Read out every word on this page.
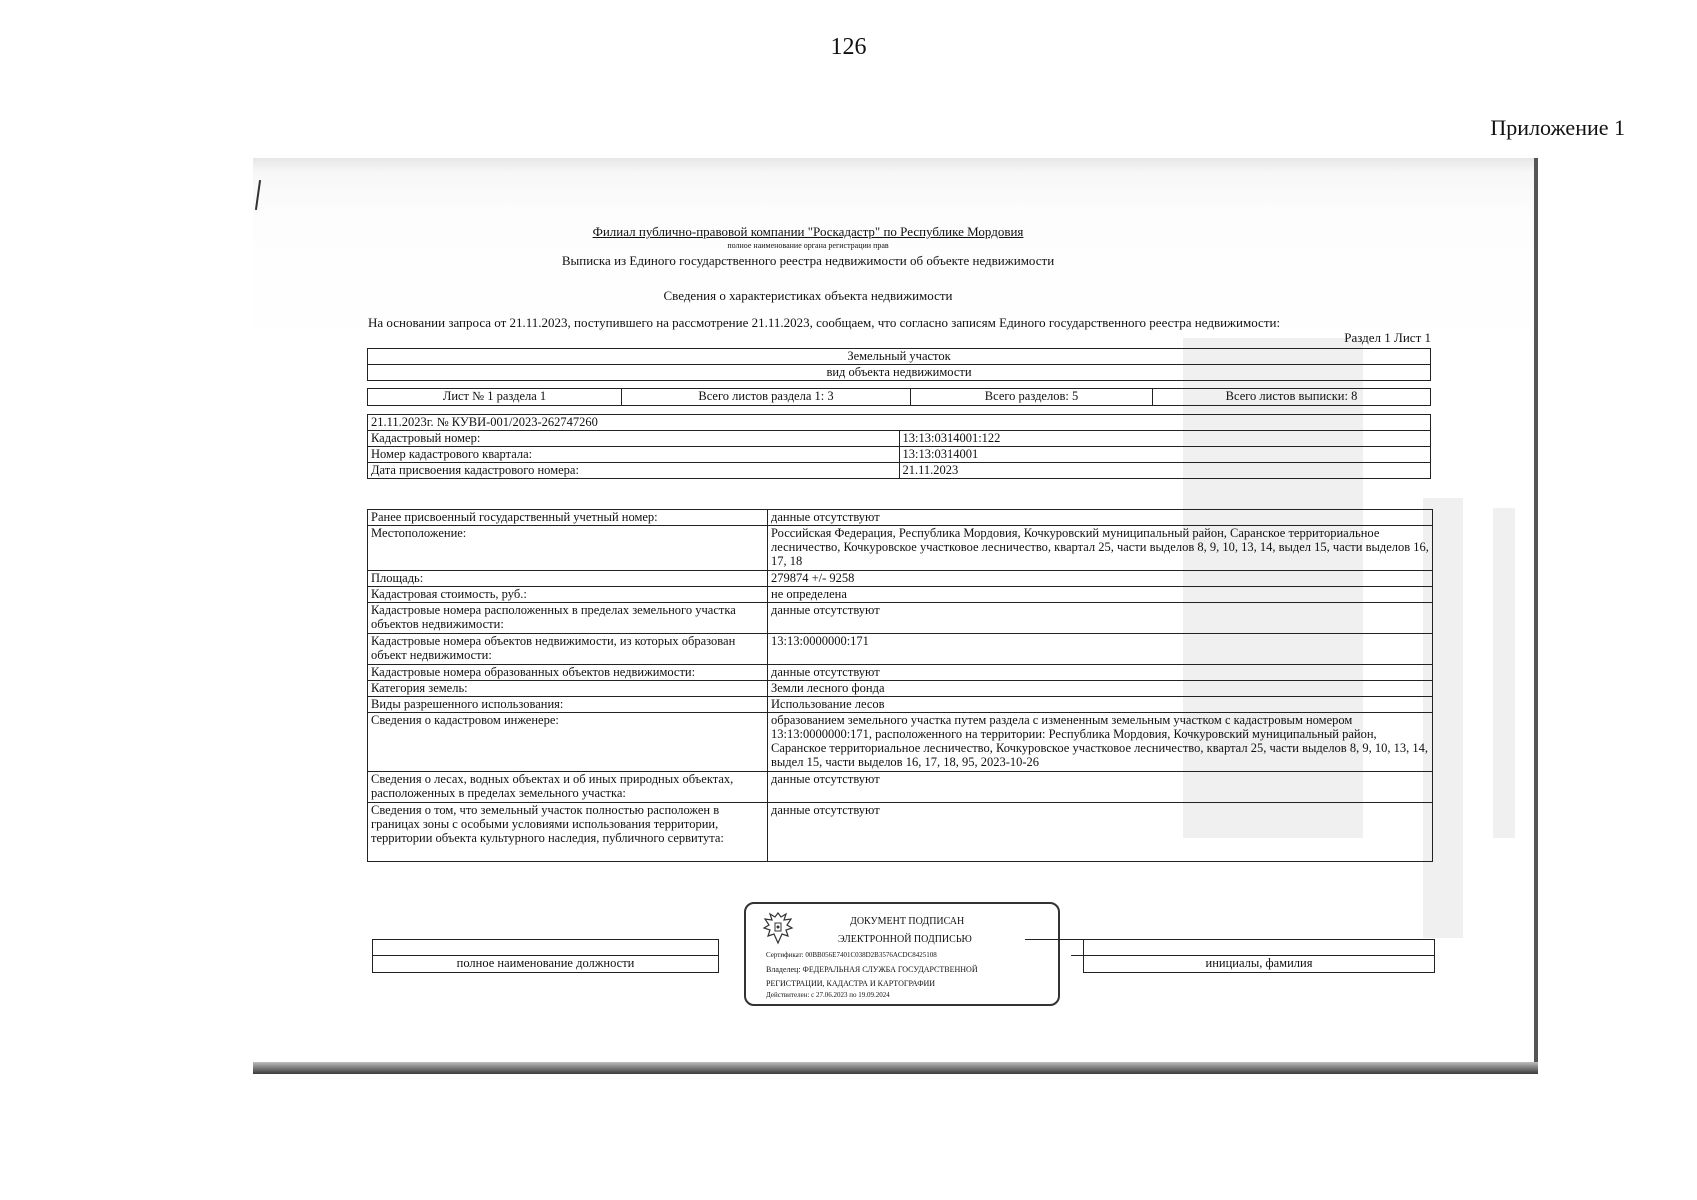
126
Приложение 1
Филиал публично-правовой компании "Роскадастр" по Республике Мордовия
полное наименование органа регистрации прав
Выписка из Единого государственного реестра недвижимости об объекте недвижимости
Сведения о характеристиках объекта недвижимости
На основании запроса от 21.11.2023, поступившего на рассмотрение 21.11.2023, сообщаем, что согласно записям Единого государственного реестра недвижимости:
Раздел 1 Лист 1
Земельный участок
вид объекта недвижимости
Лист № 1 раздела 1	Всего листов раздела 1: 3	Всего разделов: 5	Всего листов выписки: 8
21.11.2023г. № КУВИ-001/2023-262747260	
Кадастровый номер:	13:13:0314001:122
Номер кадастрового квартала:	13:13:0314001
Дата присвоения кадастрового номера:	21.11.2023
Ранее присвоенный государственный учетный номер:	данные отсутствуют
Местоположение:	Российская Федерация, Республика Мордовия, Кочкуровский муниципальный район, Саранское территориальное лесничество, Кочкуровское участковое лесничество, квартал 25, части выделов 8, 9, 10, 13, 14, выдел 15, части выделов 16, 17, 18
Площадь:	279874 +/- 9258
Кадастровая стоимость, руб.:	не определена
Кадастровые номера расположенных в пределах земельного участка объектов недвижимости:	данные отсутствуют
Кадастровые номера объектов недвижимости, из которых образован объект недвижимости:	13:13:0000000:171
Кадастровые номера образованных объектов недвижимости:	данные отсутствуют
Категория земель:	Земли лесного фонда
Виды разрешенного использования:	Использование лесов
Сведения о кадастровом инженере:	образованием земельного участка путем раздела с измененным земельным участком с кадастровым номером 13:13:0000000:171, расположенного на территории: Республика Мордовия, Кочкуровский муниципальный район, Саранское территориальное лесничество, Кочкуровское участковое лесничество, квартал 25, части выделов 8, 9, 10, 13, 14, выдел 15, части выделов 16, 17, 18, 95, 2023-10-26
Сведения о лесах, водных объектах и об иных природных объектах, расположенных в пределах земельного участка:	данные отсутствуют
Сведения о том, что земельный участок полностью расположен в границах зоны с особыми условиями использования территории, территории объекта культурного наследия, публичного сервитута:	данные отсутствуют

полное наименование должности	инициалы, фамилия
ДОКУМЕНТ ПОДПИСАН
ЭЛЕКТРОННОЙ ПОДПИСЬЮ
Сертификат: 00BB056E7401C038D2B3576ACDC8425108
Владелец: ФЕДЕРАЛЬНАЯ СЛУЖБА ГОСУДАРСТВЕННОЙ
РЕГИСТРАЦИИ, КАДАСТРА И КАРТОГРАФИИ
Действителен: с 27.06.2023 по 19.09.2024
